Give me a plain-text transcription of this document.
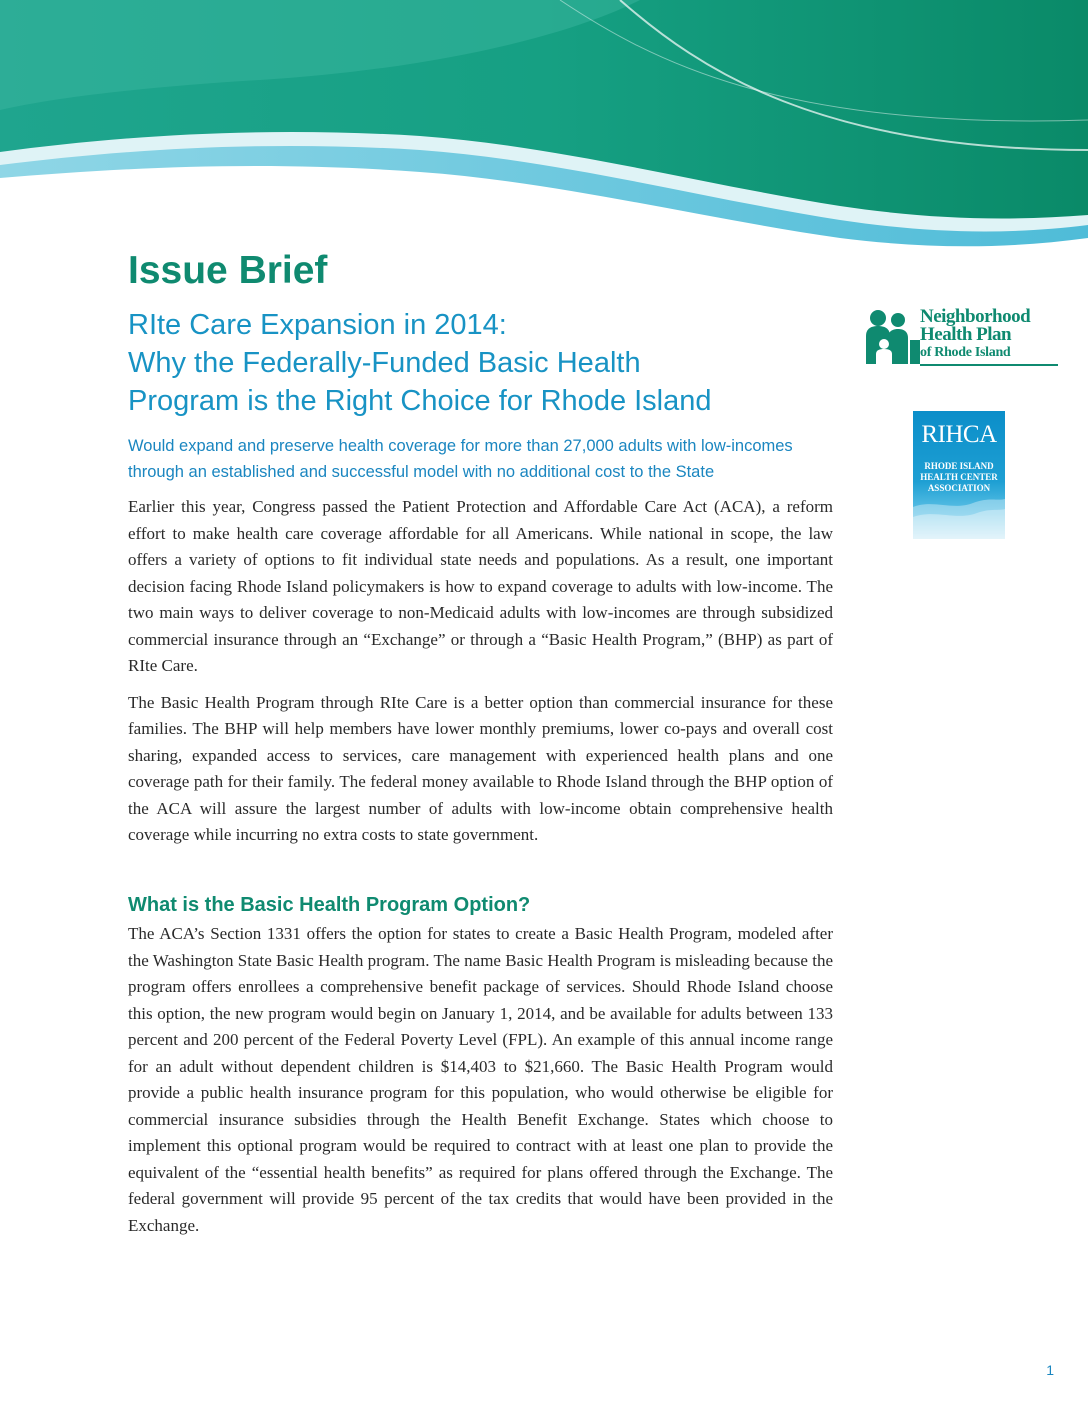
Issue Brief
RIte Care Expansion in 2014:
Why the Federally-Funded Basic Health
Program is the Right Choice for Rhode Island
Would expand and preserve health coverage for more than 27,000 adults with low-incomes
through an established and successful model with no additional cost to the State
Neighborhood
Health Plan
of Rhode Island
RIHCA
RHODE ISLAND
HEALTH CENTER
ASSOCIATION

Earlier this year, Congress passed the Patient Protection and Affordable Care Act (ACA), a reform effort to make health care coverage affordable for all Americans. While national in scope, the law offers a variety of options to fit individual state needs and populations. As a result, one important decision facing Rhode Island policymakers is how to expand coverage to adults with low-income. The two main ways to deliver coverage to non-Medicaid adults with low-incomes are through subsidized commercial insurance through an “Exchange” or through a “Basic Health Program,” (BHP) as part of RIte Care.

The Basic Health Program through RIte Care is a better option than commercial insurance for these families. The BHP will help members have lower monthly premiums, lower co-pays and overall cost sharing, expanded access to services, care management with experienced health plans and one coverage path for their family. The federal money available to Rhode Island through the BHP option of the ACA will assure the largest number of adults with low-income obtain comprehensive health coverage while incurring no extra costs to state government.

What is the Basic Health Program Option?

The ACA’s Section 1331 offers the option for states to create a Basic Health Program, modeled after the Washington State Basic Health program. The name Basic Health Program is misleading because the program offers enrollees a comprehensive benefit package of services. Should Rhode Island choose this option, the new program would begin on January 1, 2014, and be available for adults between 133 percent and 200 percent of the Federal Poverty Level (FPL). An example of this annual income range for an adult without dependent children is $14,403 to $21,660. The Basic Health Program would provide a public health insurance program for this population, who would otherwise be eligible for commercial insurance subsidies through the Health Benefit Exchange. States which choose to implement this optional program would be required to contract with at least one plan to provide the equivalent of the “essential health benefits” as required for plans offered through the Exchange. The federal government will provide 95 percent of the tax credits that would have been provided in the Exchange.

1
